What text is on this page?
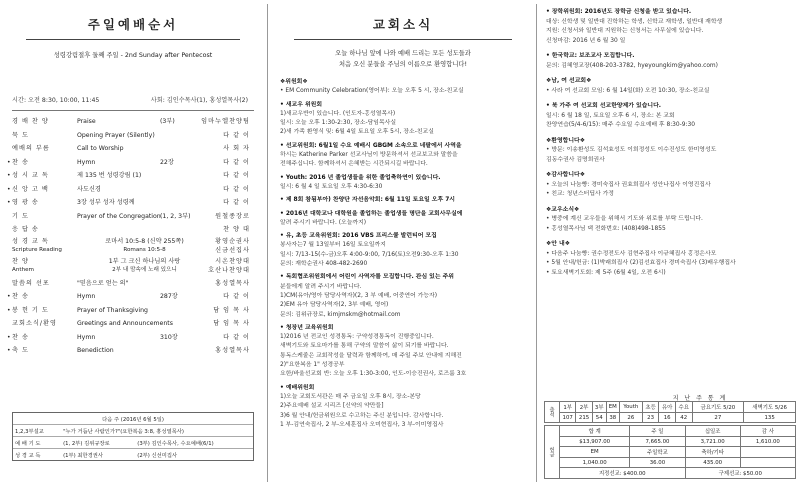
주일예배순서
성령강림절후 둘째 주일 - 2nd Sunday after Pentecost
시간: 오전 8:30, 10:00, 11:45	사회: 김인수목사(1), 홍성열목사(2)
경 배 찬 양	Praise	(3부)	임마누엘찬양팀
묵 도	Opening Prayer (Silently)	다 같 이
예배의 부름	Call to Worship	사 회 자
• 찬 송	Hymn	22장	다 같 이
• 성 시 교 독	제 135 번 성령강림 (1)	다 같 이
• 신 앙 고 백	사도신경	다 같 이
• 영 광 송	3장 성부 성자 성령께	다 같 이
기 도	Prayer of the Congregation (1, 2, 3부)	원철종장로
응 답 송	찬 양 대
성 경 교 독	로마서 10:5-8 (신약 255쪽)	황영순권사
Scripture Reading	Romans 10:5-8	신금선집사
찬 양	1부 그 크신 하나님의 사랑	시온찬양대
Anthem	2부 내 맘속에 노래 있으니	호산나찬양대
말씀의 선포	"믿음으로 얻는 의"	홍성열목사
• 찬 송	Hymn	287장	다 같 이
• 봉 헌 기 도	Prayer of Thanksgiving	담 임 목 사
교회소식/환영	Greetings and Announcements	담 임 목 사
• 찬 송	Hymn	310장	다 같 이
• 축 도	Benediction	홍성열목사
다음 주 (2016년 6월 5일)		
1,2,3부설교	"누가 거듭난 사람인가?"(요한복음 3:8, 홍성열목사)	
예 배 기 도	(1, 2부) 김위규장로	(3부) 김인수목사, 수요예배(6/1)
성 경 교 독	(1부) 최한경권사	(2부) 신선미집사
교회소식
오늘 하나님 앞에 나와 예배 드리는 모든 성도들과
처음 오신 분들을 주님의 이름으로 환영합니다!
❖위원회❖
• EM Community Celebration(영어부): 오늘 오후 5 시, 장소-친교실
• 새교우 위원회
1)새교우반이 있습니다. (인도자-홍성열목사)
일시: 오늘 오후 1:30-2:30, 장소-담임목사실
2)새 가족 환영식 및: 6월 4일 토요일 오후 5시, 장소-친교실
• 선교위원회: 6월1일 수요 예배시 GBGM 소속으로 네팔에서 사역을
하시는 Katherine Parker 선교사님이 방문하셔서 선교보고와 말씀을
전해주십니다. 함께하셔서 은혜받는 시간되시길 바랍니다.
• Youth: 2016 년 졸업생들을 위한 졸업축하연이 있습니다.
일시: 6 월 4 일 토요일 오후 4:30-6:30
• 제 8회 참됨부아) 찬양단 자선음악회: 6월 11일 토요일 오후 7시
• 2016년 대학교나 대학원을 졸업하는 졸업생들 명단을 교회사무실에
알려 주시기 바랍니다. (오늘까지)
• 유, 초등 교육위원회: 2016 VBS 프리스쿨 발런티어 모집
봉사자는7 월 13일부터 16일 토요일까지
일시: 7/13-15(수-금)오후 4:00-9:00, 7/16(토)오전9:30-오후 1:30
문의: 재학순권사 408-482-2690
• 독회협조위원회에서 어린이 사역자를 모집합니다. 관심 있는 주위
분들에게 알려 주시기 바랍니다.
1)CM(유아/영아 담당사역자)(2, 3 부 예배, 어중연어 가능자)
2)EM 유아 담당사역자(2, 3부 예배, 영어)
문의: 김위규장로, kimjmskm@hotmail.com
• 청장년 교육위원회
1)2016 년 전교인 성경통독: 구약성경통독이 진행중입니다.
새벽기도와 토요마가를 통해 구약의 말씀이 삶이 되기를 바랍니다.
통독스케줄은 교회작성을 달력과 함께하여, 매 주일 주보 안내에 지해진
2)"요한복음 1" 성경공부
요한/바울선교회 반: 오늘 오후 1:30-3:00, 인도-이승진권사, 로즈룸 3호
• 예배위원회
1)오늘 교회도서관은 매 주 금요일 오후 8시, 장소-본당
2)주요예배 설교 시리즈 [신약의 약만들]
3)6 월 안내/헌금위원으로 수고하는 주신 분입니다. 감사합니다.
1 부-김연숙집사, 2 부-오세훈집사 오미현집사, 3 부-이미영집사
• 장학위원회: 2016년도 장학금 신청을 받고 있습니다.
대상: 신학생 및 일반대 진학하는 학생, 신학교 재학생, 일반대 재학생
지원: 신청서와 일반대 지원하는 신청서는 사무실에 있습니다.
신청마감: 2016 년 6 월 30 일
• 한국학교: 보조교사 모집합니다.
문의: 김혜영교장(408-203-3782, hyeyoungkim@yahoo.com)
❖남, 여 선교회❖
• 사라 여 선교회 모임: 6 월 14일(화) 오전 10:30, 장소-친교실
• 북 가주 여 선교회 선교한양제가 있습니다.
일시: 6 월 18 일, 토요일 오후 6 시, 장소: 본 교회
찬양연습(5/4-6/15): 매주 수요일 수요예배 후 8:30-9:30
❖환영합니다❖
• 방문: 이송환성도 김석효성도 이희정성도 이수진성도 한미영성도
김동수권사 김명희권사
❖감사합니다❖
• 오늘의 나눔빵: 경미숙집사 권효희집사 성안나집사 이영진집사
• 친교: 청년스터딥사 가정
❖교우소식❖
• 병중에 계신 교우들을 위해서 기도와 위로를 부탁 드립니다.
• 홍성열목사님 댁 전화번호: (408)498-1855
❖안 내❖
• 다음주 나눔빵: 권수정전도사 김현주집사 이규혜집사 홍정은사모
• 5월 안내/헌금: (1)박래희집사 (2)김선효집사 경미숙집사 (3)배우행집사
• 토요새벽기도회: 제 5주 (6월 4일, 오전 6시)
지 난 주 통 계
출석	1부	2부	3부	EM	Youth	초등	유아	수요	금요기도 5/20	새벽기도 5/26
	107	215	54	38	26	23	16	42	27	135
헌금	합 계	주 일	십일조	감 사
	$13,907.00	7,665.00	3,721.00	1,610.00
	EM	주일학교	축하/기타	
	1,040.00	36.00	435.00	
	지정선교: $400.00		구제선교: $50.00	
